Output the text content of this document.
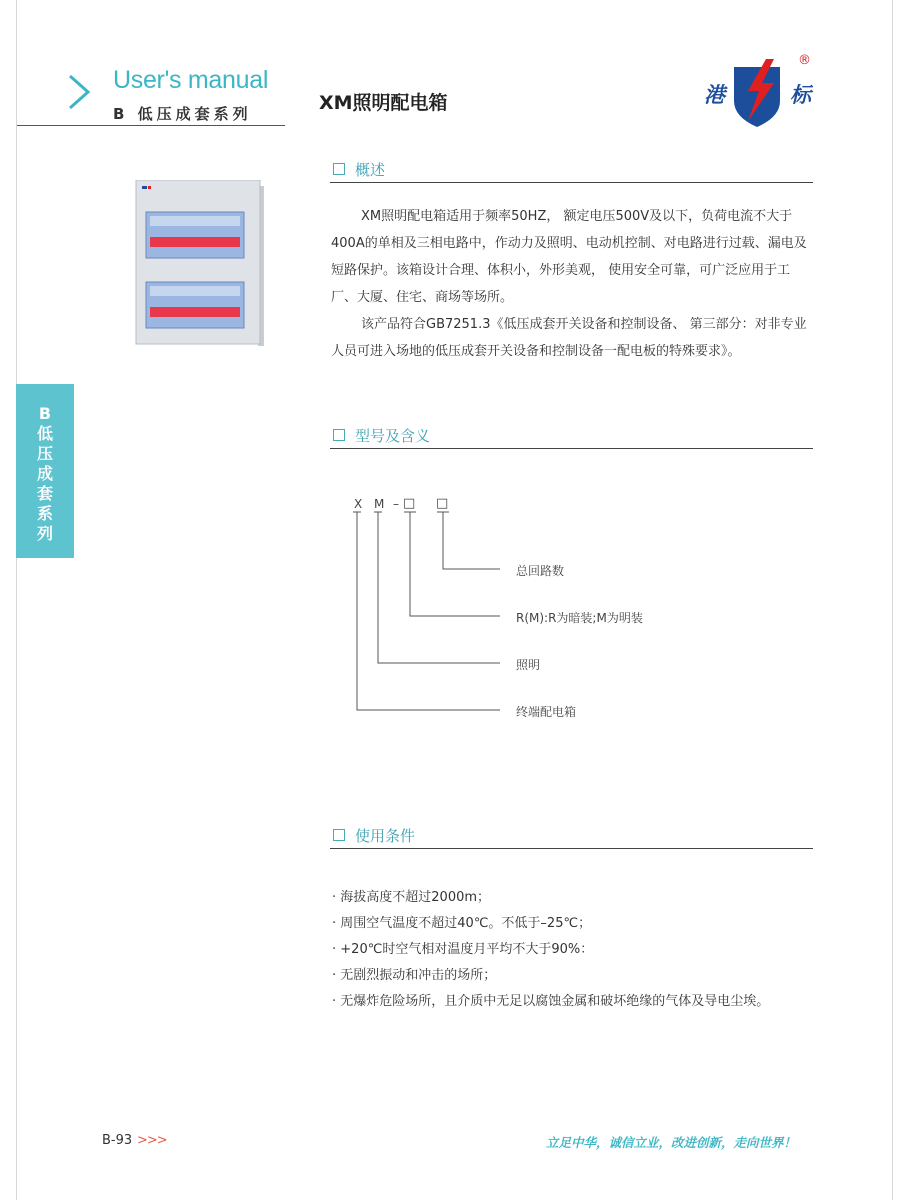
User's manual
B 低压成套系列	XM照明配电箱	港	标
®
B
低
压
成
套
系
列
概述
XM照明配电箱适用于频率50HZ， 额定电压500V及以下，负荷电流不大于400A的单相及三相电路中，作动力及照明、电动机控制、对电路进行过载、漏电及短路保护。该箱设计合理、体积小，外形美观， 使用安全可靠，可广泛应用于工厂、大厦、住宅、商场等场所。
该产品符合GB7251.3《低压成套开关设备和控制设备、 第三部分：对非专业人员可进入场地的低压成套开关设备和控制设备一配电板的特殊要求》。
型号及含义
X M – □ □
总回路数
R(M):R为暗装;M为明装
照明
终端配电箱
使用条件
· 海拔高度不超过2000m；
· 周围空气温度不超过40℃。不低于–25℃；
· +20℃时空气相对温度月平均不大于90%：
· 无剧烈振动和冲击的场所；
· 无爆炸危险场所，且介质中无足以腐蚀金属和破坏绝缘的气体及导电尘埃。
B-93 >>>	立足中华，诚信立业，改进创新，走向世界！
